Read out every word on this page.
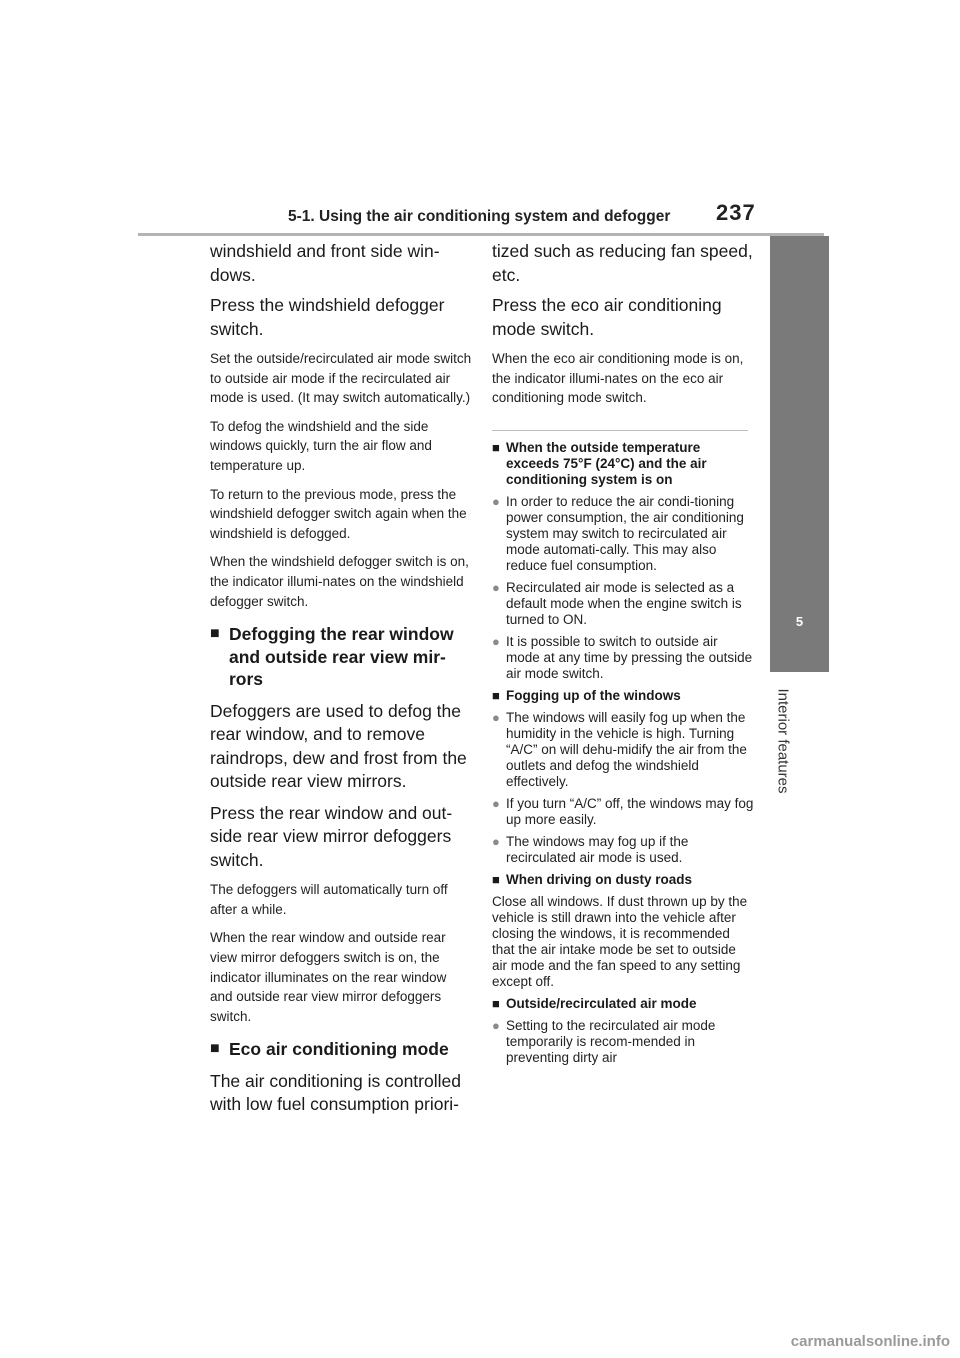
5-1. Using the air conditioning system and defogger 237
5
Interior features

windshield and front side win-dows.

Press the windshield defogger switch.

Set the outside/recirculated air mode switch to outside air mode if the recirculated air mode is used. (It may switch automatically.)

To defog the windshield and the side windows quickly, turn the air flow and temperature up.

To return to the previous mode, press the windshield defogger switch again when the windshield is defogged.

When the windshield defogger switch is on, the indicator illumi-nates on the windshield defogger switch.

■ Defogging the rear window and outside rear view mir-rors

Defoggers are used to defog the rear window, and to remove raindrops, dew and frost from the outside rear view mirrors.

Press the rear window and out-side rear view mirror defoggers switch.

The defoggers will automatically turn off after a while.

When the rear window and outside rear view mirror defoggers switch is on, the indicator illuminates on the rear window and outside rear view mirror defoggers switch.

■ Eco air conditioning mode

The air conditioning is controlled with low fuel consumption priori-

tized such as reducing fan speed, etc.

Press the eco air conditioning mode switch.

When the eco air conditioning mode is on, the indicator illumi-nates on the eco air conditioning mode switch.

■ When the outside temperature exceeds 75°F (24°C) and the air conditioning system is on
● In order to reduce the air condi-tioning power consumption, the air conditioning system may switch to recirculated air mode automati-cally. This may also reduce fuel consumption.
● Recirculated air mode is selected as a default mode when the engine switch is turned to ON.
● It is possible to switch to outside air mode at any time by pressing the outside air mode switch.
■ Fogging up of the windows
● The windows will easily fog up when the humidity in the vehicle is high. Turning “A/C” on will dehu-midify the air from the outlets and defog the windshield effectively.
● If you turn “A/C” off, the windows may fog up more easily.
● The windows may fog up if the recirculated air mode is used.
■ When driving on dusty roads

Close all windows. If dust thrown up by the vehicle is still drawn into the vehicle after closing the windows, it is recommended that the air intake mode be set to outside air mode and the fan speed to any setting except off.

■ Outside/recirculated air mode
● Setting to the recirculated air mode temporarily is recom-mended in preventing dirty air
carmanualsonline.info
